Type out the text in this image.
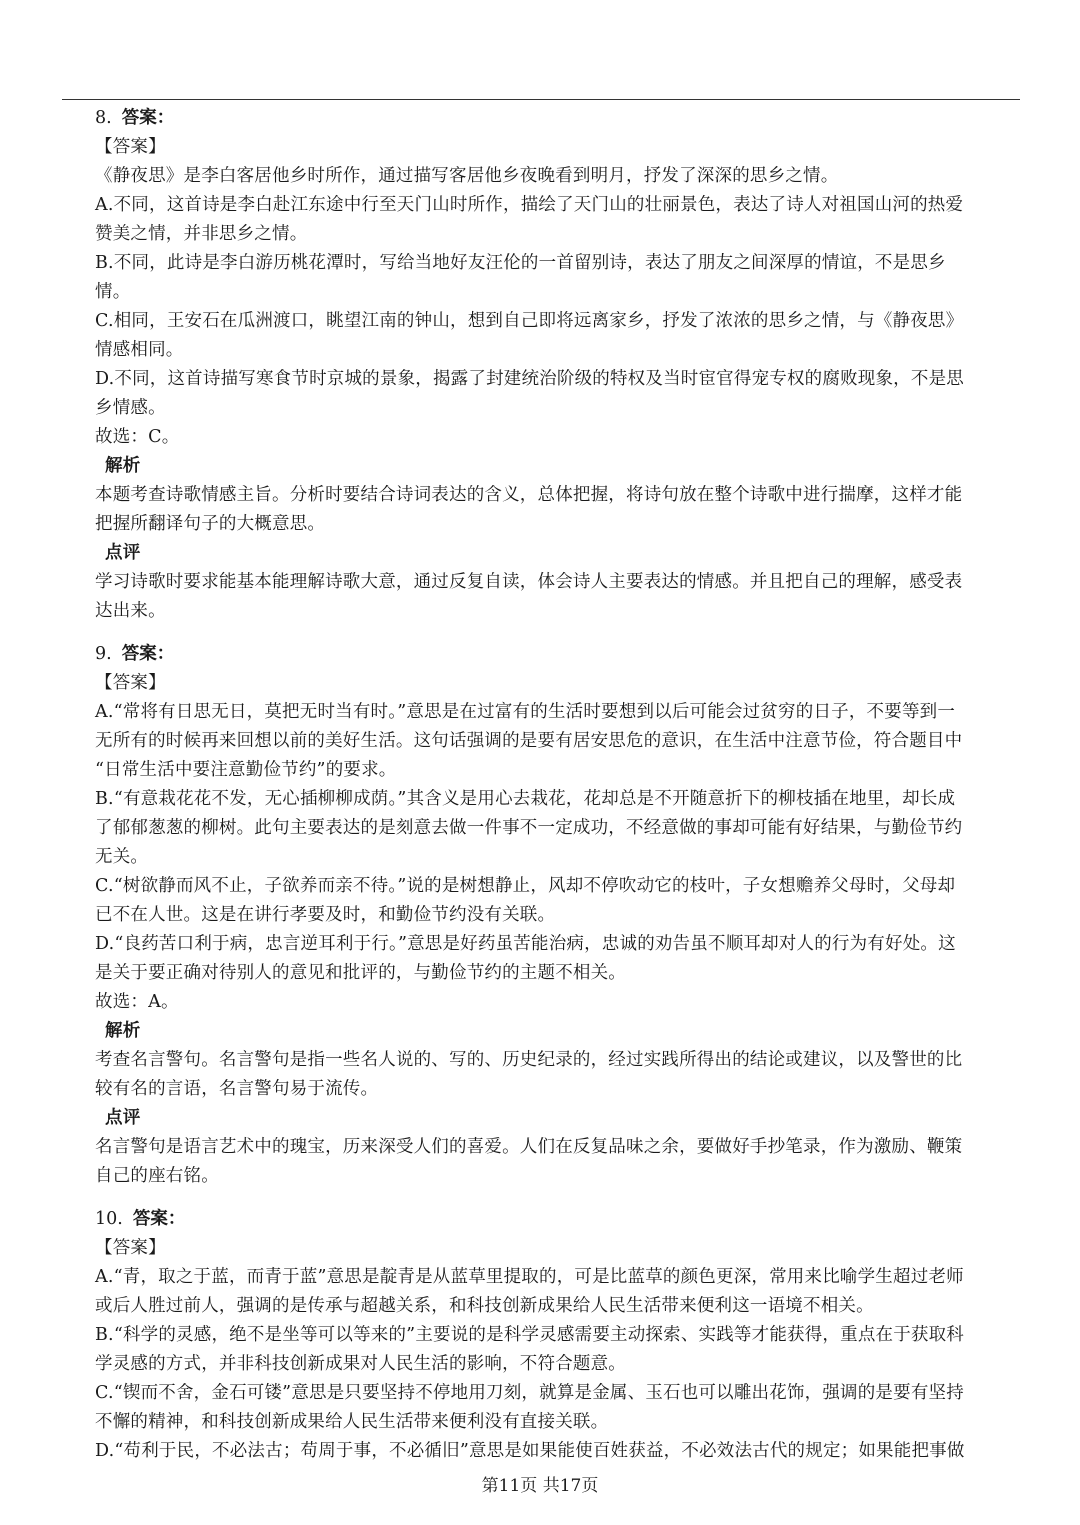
8. 答案：
【答案】
《静夜思》是李白客居他乡时所作，通过描写客居他乡夜晚看到明月，抒发了深深的思乡之情。
A.不同，这首诗是李白赴江东途中行至天门山时所作，描绘了天门山的壮丽景色，表达了诗人对祖国山河的热爱
赞美之情，并非思乡之情。
B.不同，此诗是李白游历桃花潭时，写给当地好友汪伦的一首留别诗，表达了朋友之间深厚的情谊，不是思乡
情。
C.相同，王安石在瓜洲渡口，眺望江南的钟山，想到自己即将远离家乡，抒发了浓浓的思乡之情，与《静夜思》
情感相同。
D.不同，这首诗描写寒食节时京城的景象，揭露了封建统治阶级的特权及当时宦官得宠专权的腐败现象，不是思
乡情感。
故选：C。
解析
本题考查诗歌情感主旨。分析时要结合诗词表达的含义，总体把握，将诗句放在整个诗歌中进行揣摩，这样才能
把握所翻译句子的大概意思。
点评
学习诗歌时要求能基本能理解诗歌大意，通过反复自读，体会诗人主要表达的情感。并且把自己的理解，感受表
达出来。
9. 答案：
【答案】
A.“常将有日思无日，莫把无时当有时。”意思是在过富有的生活时要想到以后可能会过贫穷的日子，不要等到一
无所有的时候再来回想以前的美好生活。这句话强调的是要有居安思危的意识，在生活中注意节俭，符合题目中
“日常生活中要注意勤俭节约”的要求。
B.“有意栽花花不发，无心插柳柳成荫。”其含义是用心去栽花，花却总是不开随意折下的柳枝插在地里，却长成
了郁郁葱葱的柳树。此句主要表达的是刻意去做一件事不一定成功，不经意做的事却可能有好结果，与勤俭节约
无关。
C.“树欲静而风不止，子欲养而亲不待。”说的是树想静止，风却不停吹动它的枝叶，子女想赡养父母时，父母却
已不在人世。这是在讲行孝要及时，和勤俭节约没有关联。
D.“良药苦口利于病，忠言逆耳利于行。”意思是好药虽苦能治病，忠诚的劝告虽不顺耳却对人的行为有好处。这
是关于要正确对待别人的意见和批评的，与勤俭节约的主题不相关。
故选：A。
解析
考查名言警句。名言警句是指一些名人说的、写的、历史纪录的，经过实践所得出的结论或建议，以及警世的比
较有名的言语，名言警句易于流传。
点评
名言警句是语言艺术中的瑰宝，历来深受人们的喜爱。人们在反复品味之余，要做好手抄笔录，作为激励、鞭策
自己的座右铭。
10. 答案：
【答案】
A.“青，取之于蓝，而青于蓝”意思是靛青是从蓝草里提取的，可是比蓝草的颜色更深，常用来比喻学生超过老师
或后人胜过前人，强调的是传承与超越关系，和科技创新成果给人民生活带来便利这一语境不相关。
B.“科学的灵感，绝不是坐等可以等来的”主要说的是科学灵感需要主动探索、实践等才能获得，重点在于获取科
学灵感的方式，并非科技创新成果对人民生活的影响，不符合题意。
C.“锲而不舍，金石可镂”意思是只要坚持不停地用刀刻，就算是金属、玉石也可以雕出花饰，强调的是要有坚持
不懈的精神，和科技创新成果给人民生活带来便利没有直接关联。
D.“苟利于民，不必法古；苟周于事，不必循旧”意思是如果能使百姓获益，不必效法古代的规定；如果能把事做
第11页 共17页
